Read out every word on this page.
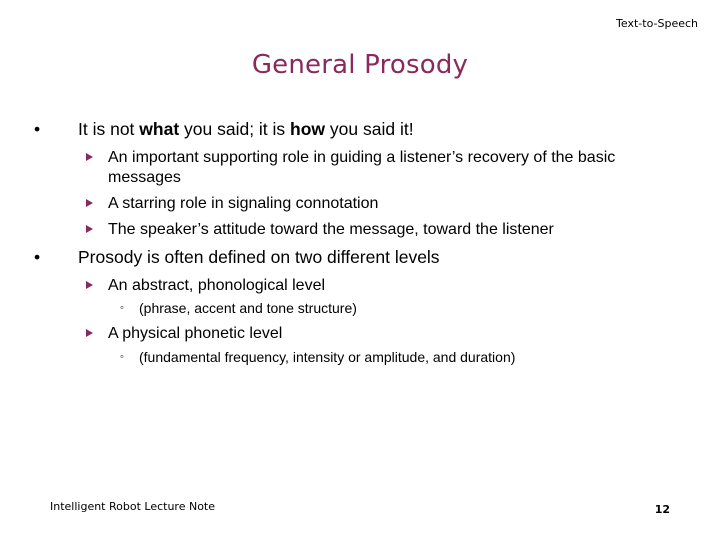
Text-to-Speech
General Prosody
• It is not what you said; it is how you said it!
An important supporting role in guiding a listener’s recovery of the basic messages
A starring role in signaling connotation
The speaker’s attitude toward the message, toward the listener
• Prosody is often defined on two different levels
An abstract, phonological level
◦ (phrase, accent and tone structure)
A physical phonetic level
◦ (fundamental frequency, intensity or amplitude, and duration)
Intelligent Robot Lecture Note	12
